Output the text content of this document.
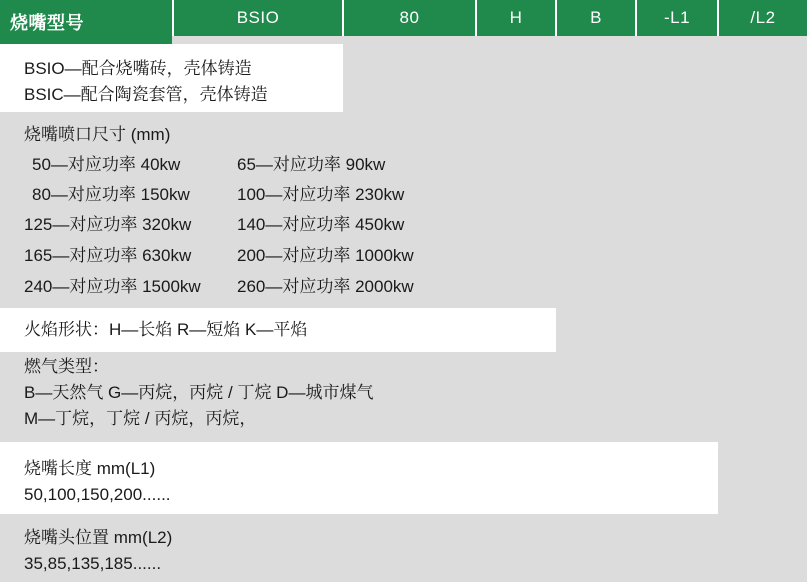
烧嘴型号	BSIO	80	H	B	-L1	/L2
BSIO—配合烧嘴砖，壳体铸造
BSIC—配合陶瓷套管，壳体铸造
烧嘴喷口尺寸 (mm)
50—对应功率 40kw	65—对应功率 90kw
80—对应功率 150kw	100—对应功率 230kw
125—对应功率 320kw	140—对应功率 450kw
165—对应功率 630kw	200—对应功率 1000kw
240—对应功率 1500kw 260—对应功率 2000kw
火焰形状：H—长焰 R—短焰 K—平焰
燃气类型：
B—天然气 G—丙烷，丙烷 / 丁烷 D—城市煤气
M—丁烷，丁烷 / 丙烷，丙烷，
烧嘴长度 mm(L1)
50,100,150,200......
烧嘴头位置 mm(L2)
35,85,135,185......
